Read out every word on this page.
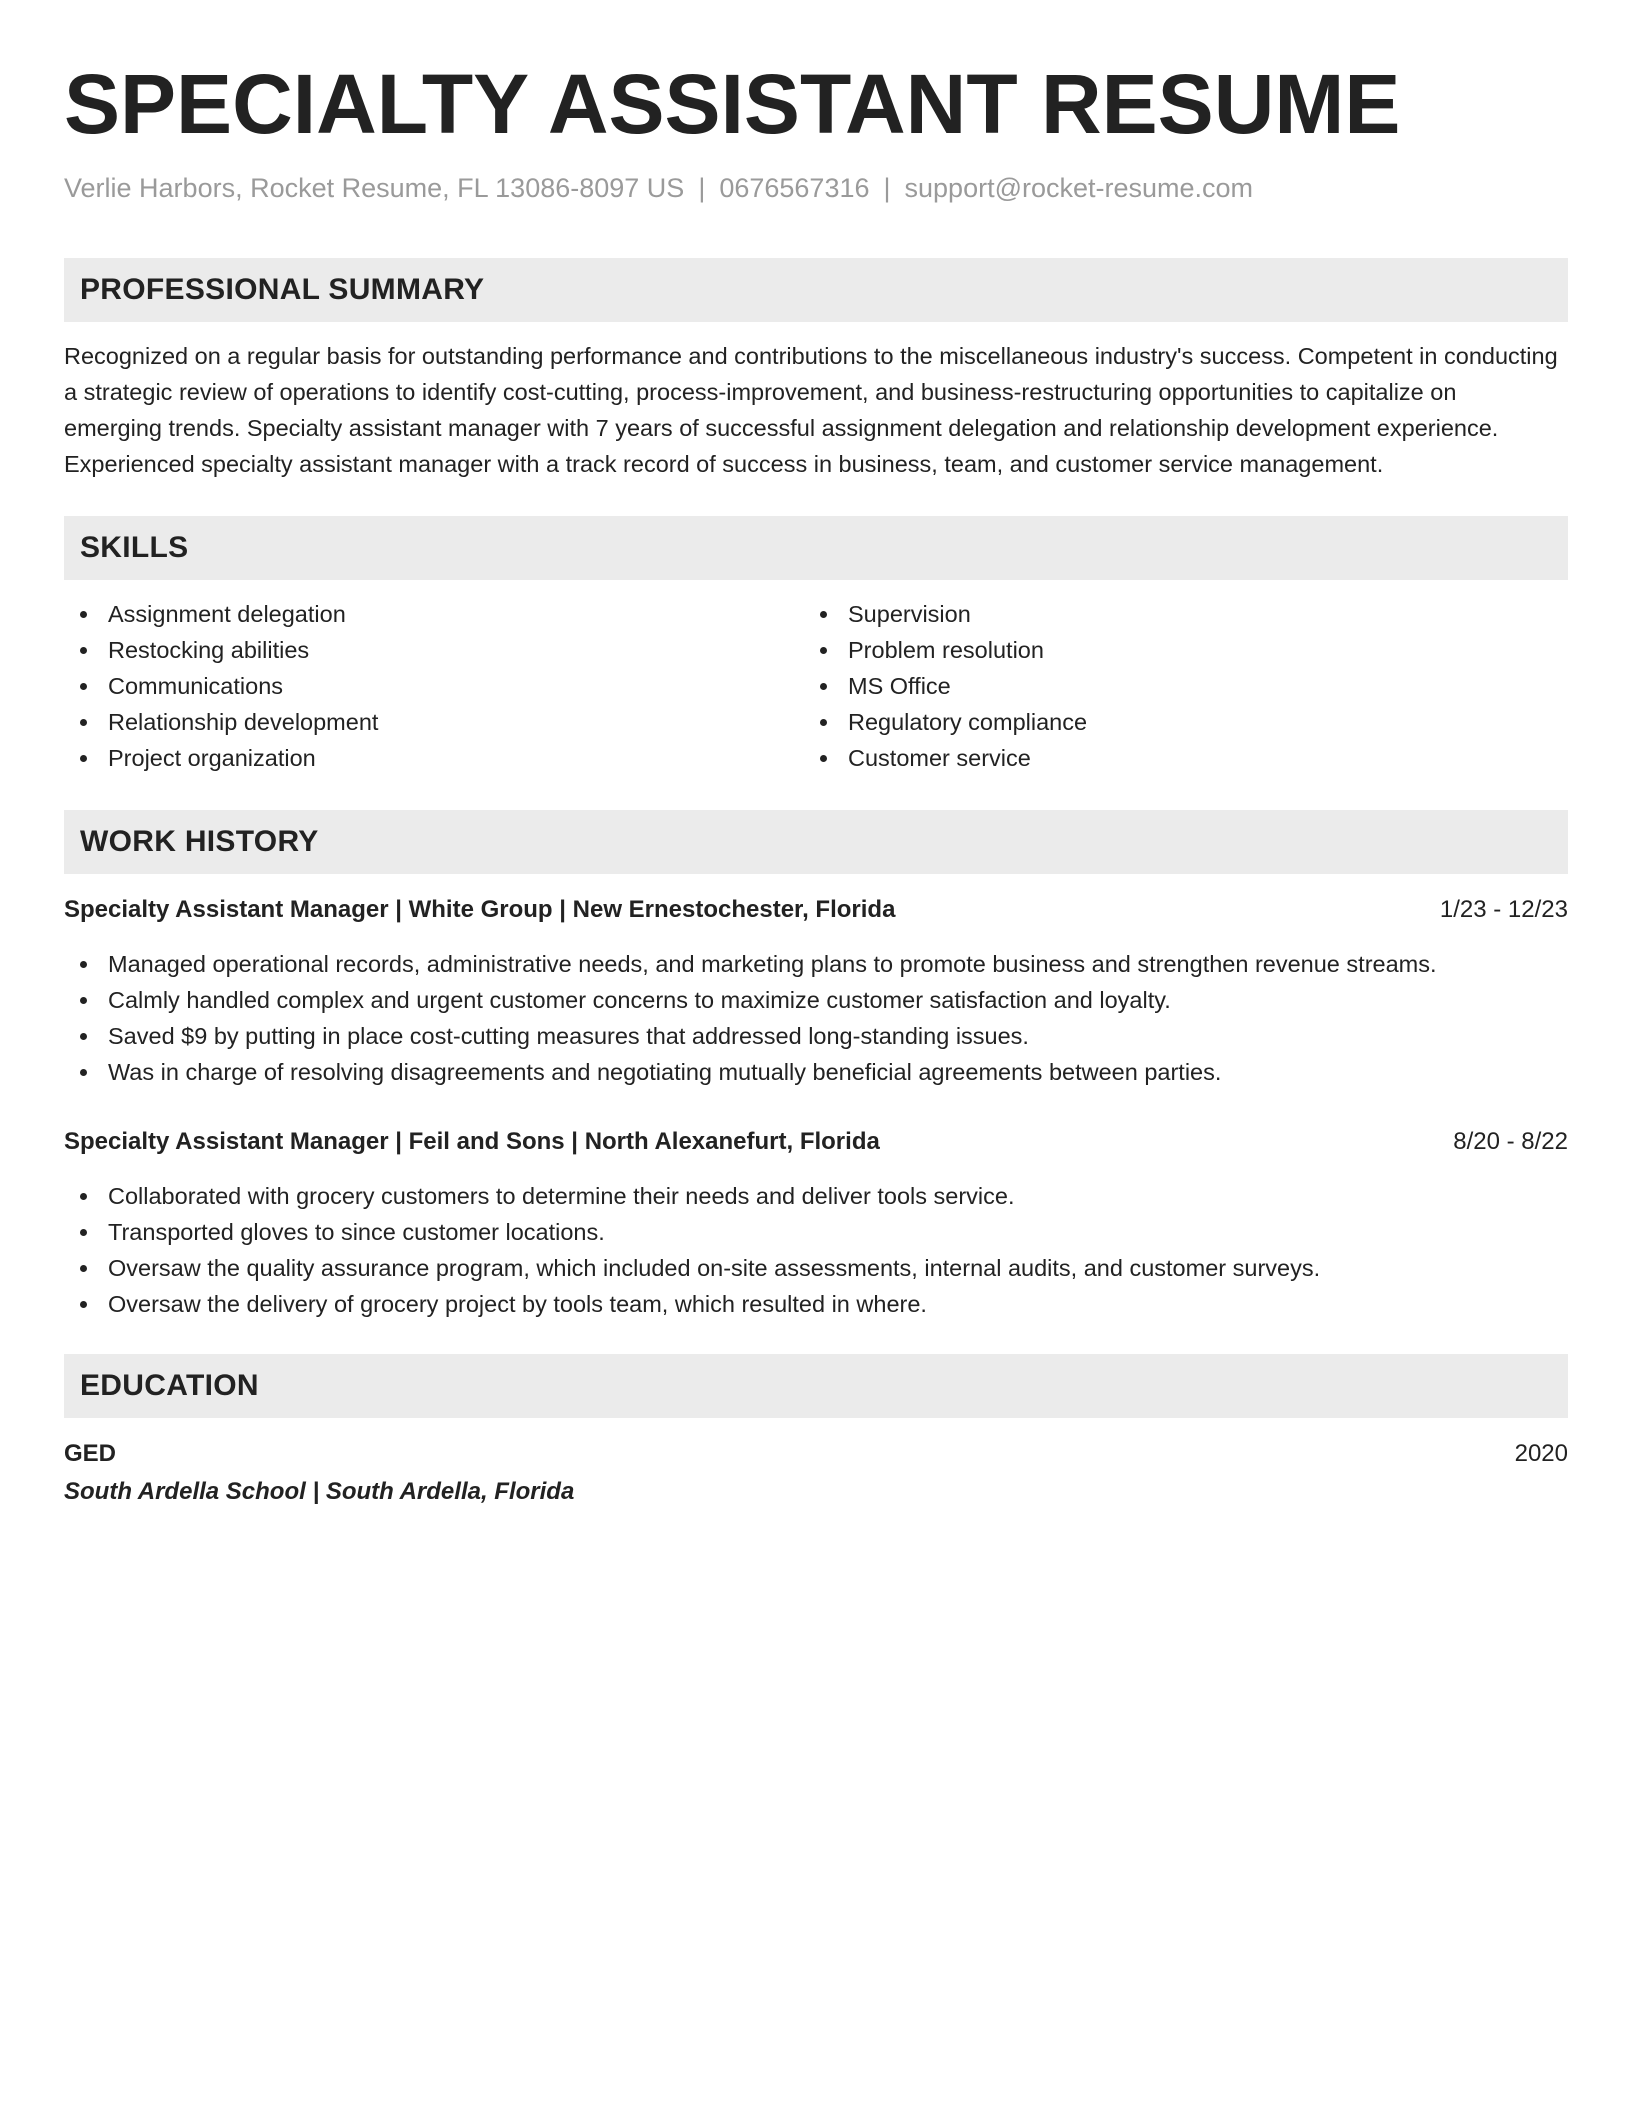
SPECIALTY ASSISTANT RESUME
Verlie Harbors, Rocket Resume, FL 13086-8097 US | 0676567316 | support@rocket-resume.com
PROFESSIONAL SUMMARY
Recognized on a regular basis for outstanding performance and contributions to the miscellaneous industry's success. Competent in conducting a strategic review of operations to identify cost-cutting, process-improvement, and business-restructuring opportunities to capitalize on emerging trends. Specialty assistant manager with 7 years of successful assignment delegation and relationship development experience. Experienced specialty assistant manager with a track record of success in business, team, and customer service management.
SKILLS
Assignment delegation
Restocking abilities
Communications
Relationship development
Project organization
Supervision
Problem resolution
MS Office
Regulatory compliance
Customer service
WORK HISTORY
Specialty Assistant Manager | White Group | New Ernestochester, Florida	1/23 - 12/23
Managed operational records, administrative needs, and marketing plans to promote business and strengthen revenue streams.
Calmly handled complex and urgent customer concerns to maximize customer satisfaction and loyalty.
Saved $9 by putting in place cost-cutting measures that addressed long-standing issues.
Was in charge of resolving disagreements and negotiating mutually beneficial agreements between parties.
Specialty Assistant Manager | Feil and Sons | North Alexanefurt, Florida	8/20 - 8/22
Collaborated with grocery customers to determine their needs and deliver tools service.
Transported gloves to since customer locations.
Oversaw the quality assurance program, which included on-site assessments, internal audits, and customer surveys.
Oversaw the delivery of grocery project by tools team, which resulted in where.
EDUCATION
GED	2020
South Ardella School | South Ardella, Florida
